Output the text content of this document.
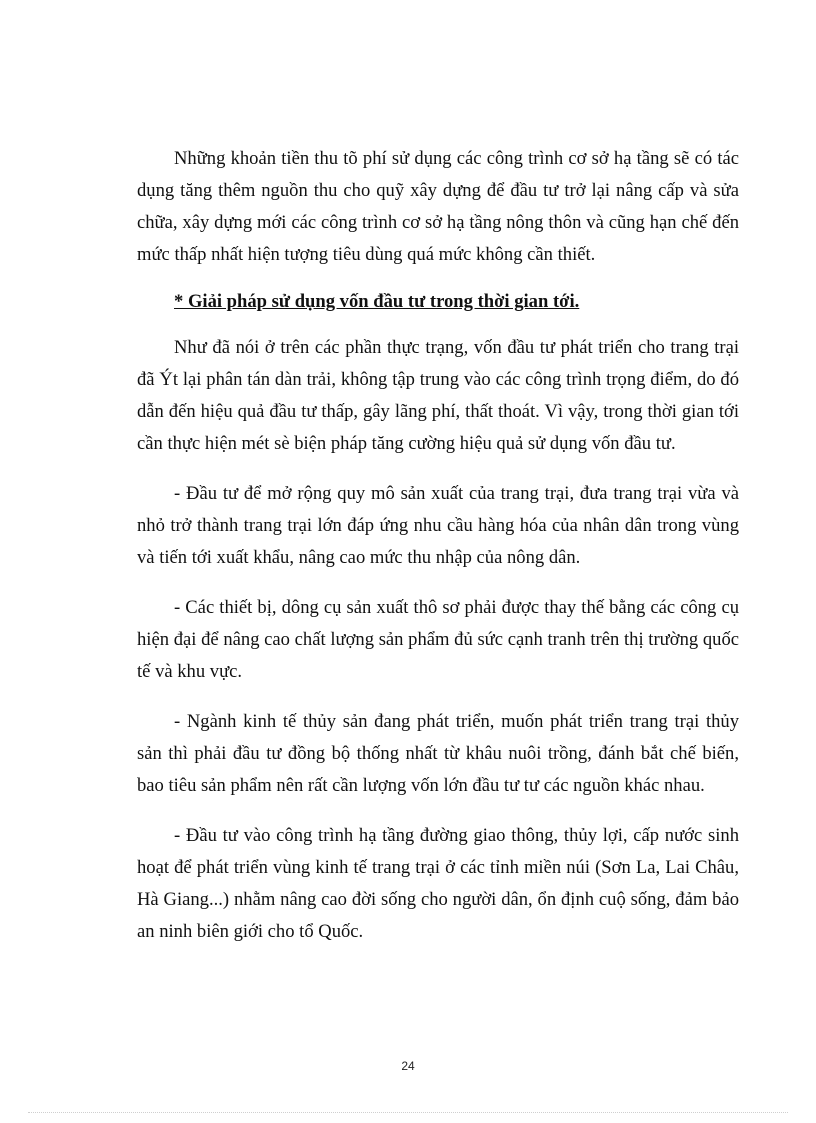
Những khoản tiền thu tõ phí sử dụng các công trình cơ sở hạ tầng sẽ có tác dụng tăng thêm nguồn thu cho quỹ xây dựng để đầu tư trở lại nâng cấp và sửa chữa, xây dựng mới các công trình cơ sở hạ tầng nông thôn và cũng hạn chế đến mức thấp nhất hiện tượng tiêu dùng quá mức không cần thiết.

* Giải pháp sử dụng vốn đầu tư trong thời gian tới.

Như đã nói ở trên các phần thực trạng, vốn đầu tư phát triển cho trang trại đã Ýt lại phân tán dàn trải, không tập trung vào các công trình trọng điểm, do đó dẫn đến hiệu quả đầu tư thấp, gây lãng phí, thất thoát. Vì vậy, trong thời gian tới cần thực hiện mét sè biện pháp tăng cường hiệu quả sử dụng vốn đầu tư.

- Đầu tư để mở rộng quy mô sản xuất của trang trại, đưa trang trại vừa và nhỏ trở thành trang trại lớn đáp ứng nhu cầu hàng hóa của nhân dân trong vùng và tiến tới xuất khẩu, nâng cao mức thu nhập của nông dân.

- Các thiết bị, dông cụ sản xuất thô sơ phải được thay thế bằng các công cụ hiện đại để nâng cao chất lượng sản phẩm đủ sức cạnh tranh trên thị trường quốc tế và khu vực.

- Ngành kinh tế thủy sản đang phát triển, muốn phát triển trang trại thủy sản thì phải đầu tư đồng bộ thống nhất từ khâu nuôi trồng, đánh bắt chế biến, bao tiêu sản phẩm nên rất cần lượng vốn lớn đầu tư tư các nguồn khác nhau.

- Đầu tư vào công trình hạ tầng đường giao thông, thủy lợi, cấp nước sinh hoạt để phát triển vùng kinh tế trang trại ở các tỉnh miền núi (Sơn La, Lai Châu, Hà Giang...) nhằm nâng cao đời sống cho người dân, ổn định cuộ sống, đảm bảo an ninh biên giới cho tổ Quốc.

24
